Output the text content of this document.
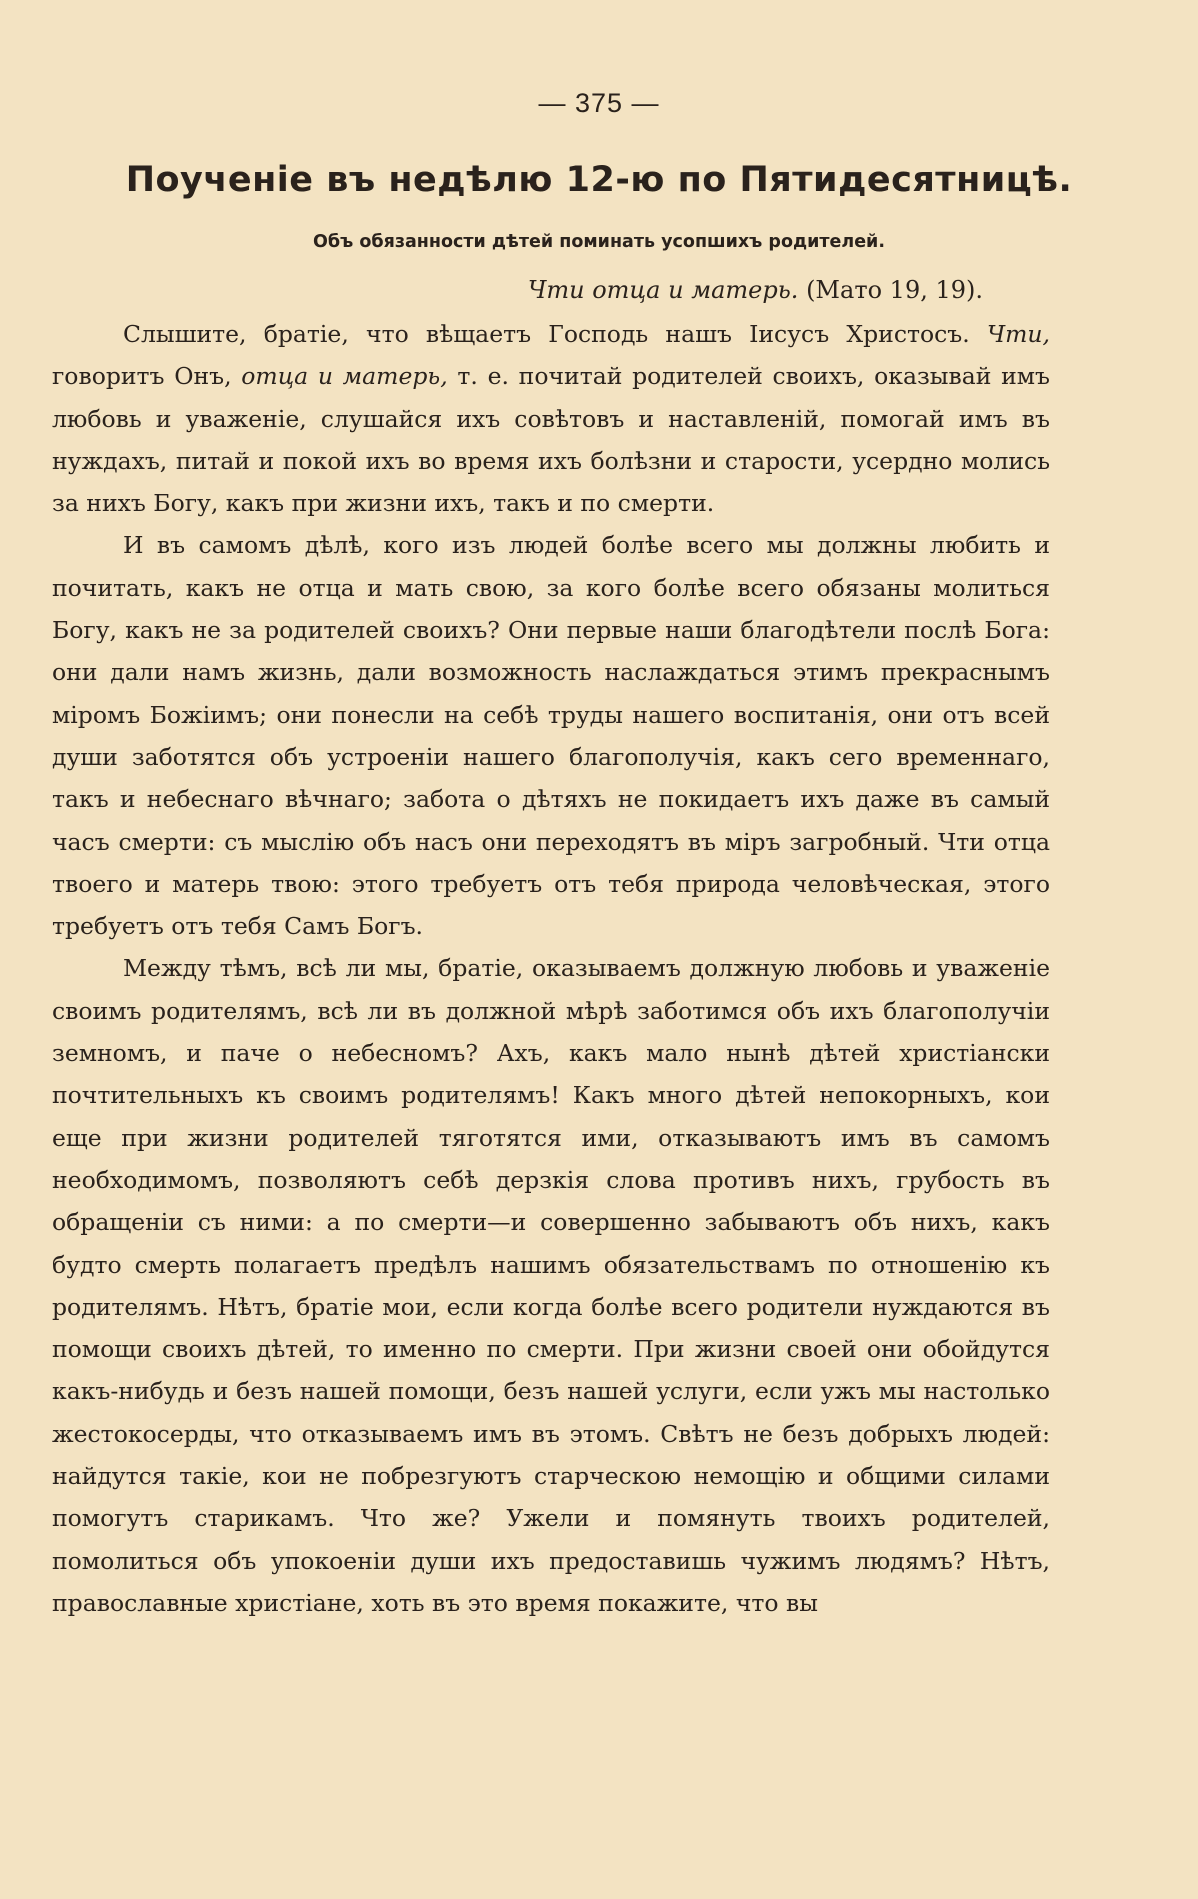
— 375 —
Поученіе въ недѣлю 12-ю по Пятидесятницѣ.
Объ обязанности дѣтей поминать усопшихъ родителей.
Чти отца и матерь. (Мато 19, 19).

Слышите, братіе, что вѣщаетъ Господь нашъ Іисусъ Христосъ. Чти, говоритъ Онъ, отца и матерь, т. е. почитай родителей своихъ, оказывай имъ любовь и уваженіе, слушайся ихъ совѣтовъ и наставленій, помогай имъ въ нуждахъ, питай и покой ихъ во время ихъ болѣзни и старости, усердно молись за нихъ Богу, какъ при жизни ихъ, такъ и по смерти.

И въ самомъ дѣлѣ, кого изъ людей болѣе всего мы должны любить и почитать, какъ не отца и мать свою, за кого болѣе всего обязаны молиться Богу, какъ не за родителей своихъ? Они первые наши благодѣтели послѣ Бога: они дали намъ жизнь, дали возможность наслаждаться этимъ прекраснымъ міромъ Божіимъ; они понесли на себѣ труды нашего воспитанія, они отъ всей души заботятся объ устроеніи нашего благополучія, какъ сего временнаго, такъ и небеснаго вѣчнаго; забота о дѣтяхъ не покидаетъ ихъ даже въ самый часъ смерти: съ мыслію объ насъ они переходятъ въ міръ загробный. Чти отца твоего и матерь твою: этого требуетъ отъ тебя природа человѣческая, этого требуетъ отъ тебя Самъ Богъ.

Между тѣмъ, всѣ ли мы, братіе, оказываемъ должную любовь и уваженіе своимъ родителямъ, всѣ ли въ должной мѣрѣ заботимся объ ихъ благополучіи земномъ, и паче о небесномъ? Ахъ, какъ мало нынѣ дѣтей христіански почтительныхъ къ своимъ родителямъ! Какъ много дѣтей непокорныхъ, кои еще при жизни родителей тяготятся ими, отказываютъ имъ въ самомъ необходимомъ, позволяютъ себѣ дерзкія слова противъ нихъ, грубость въ обращеніи съ ними: а по смерти—и совершенно забываютъ объ нихъ, какъ будто смерть полагаетъ предѣлъ нашимъ обязательствамъ по отношенію къ родителямъ. Нѣтъ, братіе мои, если когда болѣе всего родители нуждаются въ помощи своихъ дѣтей, то именно по смерти. При жизни своей они обойдутся какъ-нибудь и безъ нашей помощи, безъ нашей услуги, если ужъ мы настолько жестокосерды, что отказываемъ имъ въ этомъ. Свѣтъ не безъ добрыхъ людей: найдутся такіе, кои не побрезгуютъ старческою немощію и общими силами помогутъ старикамъ. Что же? Ужели и помянуть твоихъ родителей, помолиться объ упокоеніи души ихъ предоставишь чужимъ людямъ? Нѣтъ, православные христіане, хоть въ это время покажите, что вы
